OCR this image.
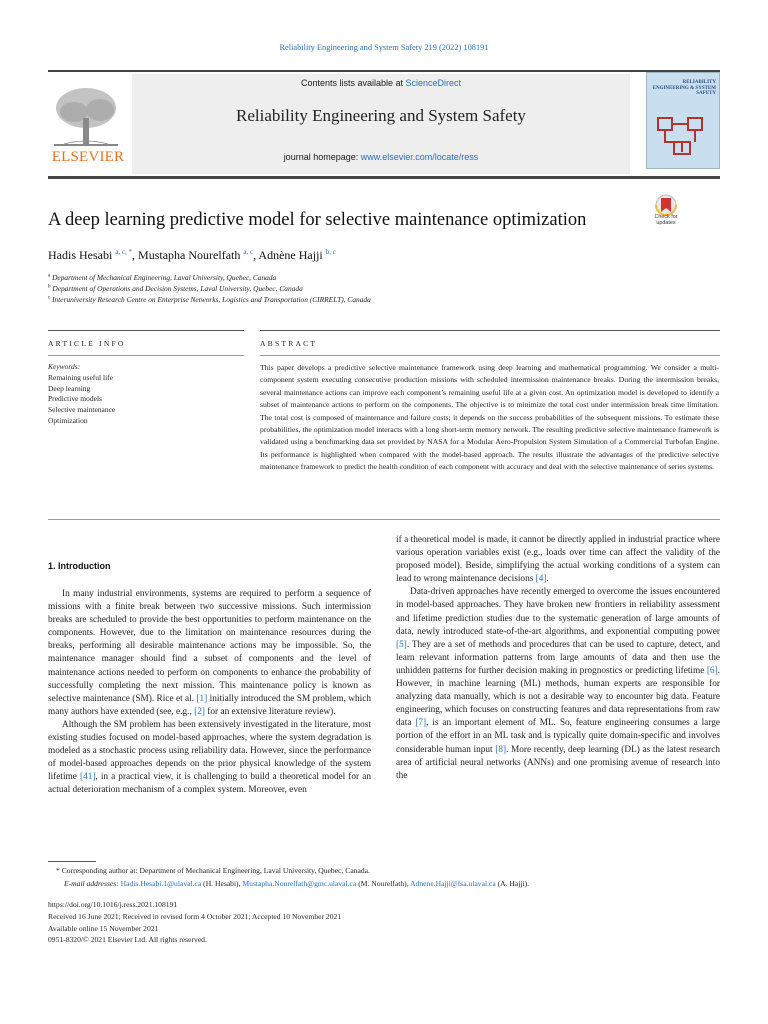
Reliability Engineering and System Safety 219 (2022) 108191
ELSEVIER
Contents lists available at ScienceDirect
Reliability Engineering and System Safety
journal homepage: www.elsevier.com/locate/ress
RELIABILITY ENGINEERING & SYSTEM SAFETY
A deep learning predictive model for selective maintenance optimization	Check for updates
Hadis Hesabi $^{a, c, *}$, Mustapha Nourelfath $^{a, c}$, Adnène Hajji $^{b, c}$
$^a$ Department of Mechanical Engineering, Laval University, Quebec, Canada
$^b$ Department of Operations and Decision Systems, Laval University, Quebec, Canada
$^c$ Interuniversity Research Centre on Enterprise Networks, Logistics and Transportation (CIRRELT), Canada
ARTICLE INFO	ABSTRACT
Keywords:
Remaining useful life
Deep learning
Predictive models
Selective maintenance
Optimization
This paper develops a predictive selective maintenance framework using deep learning and mathematical programming. We consider a multi-component system executing consecutive production missions with scheduled intermission maintenance breaks. During the intermission breaks, several maintenance actions can improve each component’s remaining useful life at a given cost. An optimization model is developed to identify a subset of maintenance actions to perform on the components. The objective is to minimize the total cost under intermission break time limitation. The total cost is composed of maintenance and failure costs; it depends on the success probabilities of the subsequent missions. To estimate these probabilities, the optimization model interacts with a long short-term memory network. The resulting predictive selective maintenance framework is validated using a benchmarking data set provided by NASA for a Modular Aero-Propulsion System Simulation of a Commercial Turbofan Engine. Its performance is highlighted when compared with the model-based approach. The results illustrate the advantages of the predictive selective maintenance framework to predict the health condition of each component with accuracy and deal with the selective maintenance of series systems.
1. Introduction

In many industrial environments, systems are required to perform a sequence of missions with a finite break between two successive missions. Such intermission breaks are scheduled to provide the best opportunities to perform maintenance on the components. However, due to the limitation on maintenance resources during the breaks, performing all desirable maintenance actions may be impossible. So, the maintenance manager should find a subset of components and the level of maintenance actions needed to perform on components to enhance the probability of successfully completing the next mission. This maintenance policy is known as selective maintenance (SM). Rice et al. [1] initially introduced the SM problem, which many authors have extended (see, e.g., [2] for an extensive literature review).

Although the SM problem has been extensively investigated in the literature, most existing studies focused on model-based approaches, where the system degradation is modeled as a stochastic process using reliability data. However, since the performance of model-based approaches depends on the prior physical knowledge of the system lifetime [41], in a practical view, it is challenging to build a theoretical model for an actual deterioration mechanism of a complex system. Moreover, even

if a theoretical model is made, it cannot be directly applied in industrial practice where various operation variables exist (e.g., loads over time can affect the validity of the proposed model). Beside, simplifying the actual working conditions of a system can lead to wrong maintenance decisions [4].

Data-driven approaches have recently emerged to overcome the issues encountered in model-based approaches. They have broken new frontiers in reliability assessment and lifetime prediction studies due to the systematic generation of large amounts of data, newly introduced state-of-the-art algorithms, and exponential computing power [5]. They are a set of methods and procedures that can be used to capture, detect, and learn relevant information patterns from large amounts of data and then use the unhidden patterns for further decision making in prognostics or predicting lifetime [6]. However, in machine learning (ML) methods, human experts are responsible for analyzing data manually, which is not a desirable way to encounter big data. Feature engineering, which focuses on constructing features and data representations from raw data [7], is an important element of ML. So, feature engineering consumes a large portion of the effort in an ML task and is typically quite domain-specific and involves considerable human input [8]. More recently, deep learning (DL) as the latest research area of artificial neural networks (ANNs) and one promising avenue of research into the

* Corresponding author at: Department of Mechanical Engineering, Laval University, Quebec, Canada.
E-mail addresses: Hadis.Hesabi.1@ulaval.ca (H. Hesabi), Mustapha.Nourelfath@gmc.ulaval.ca (M. Nourelfath), Adnene.Hajji@fsa.ulaval.ca (A. Hajji).
https://doi.org/10.1016/j.ress.2021.108191
Received 16 June 2021; Received in revised form 4 October 2021; Accepted 10 November 2021
Available online 15 November 2021
0951-8320/© 2021 Elsevier Ltd. All rights reserved.
